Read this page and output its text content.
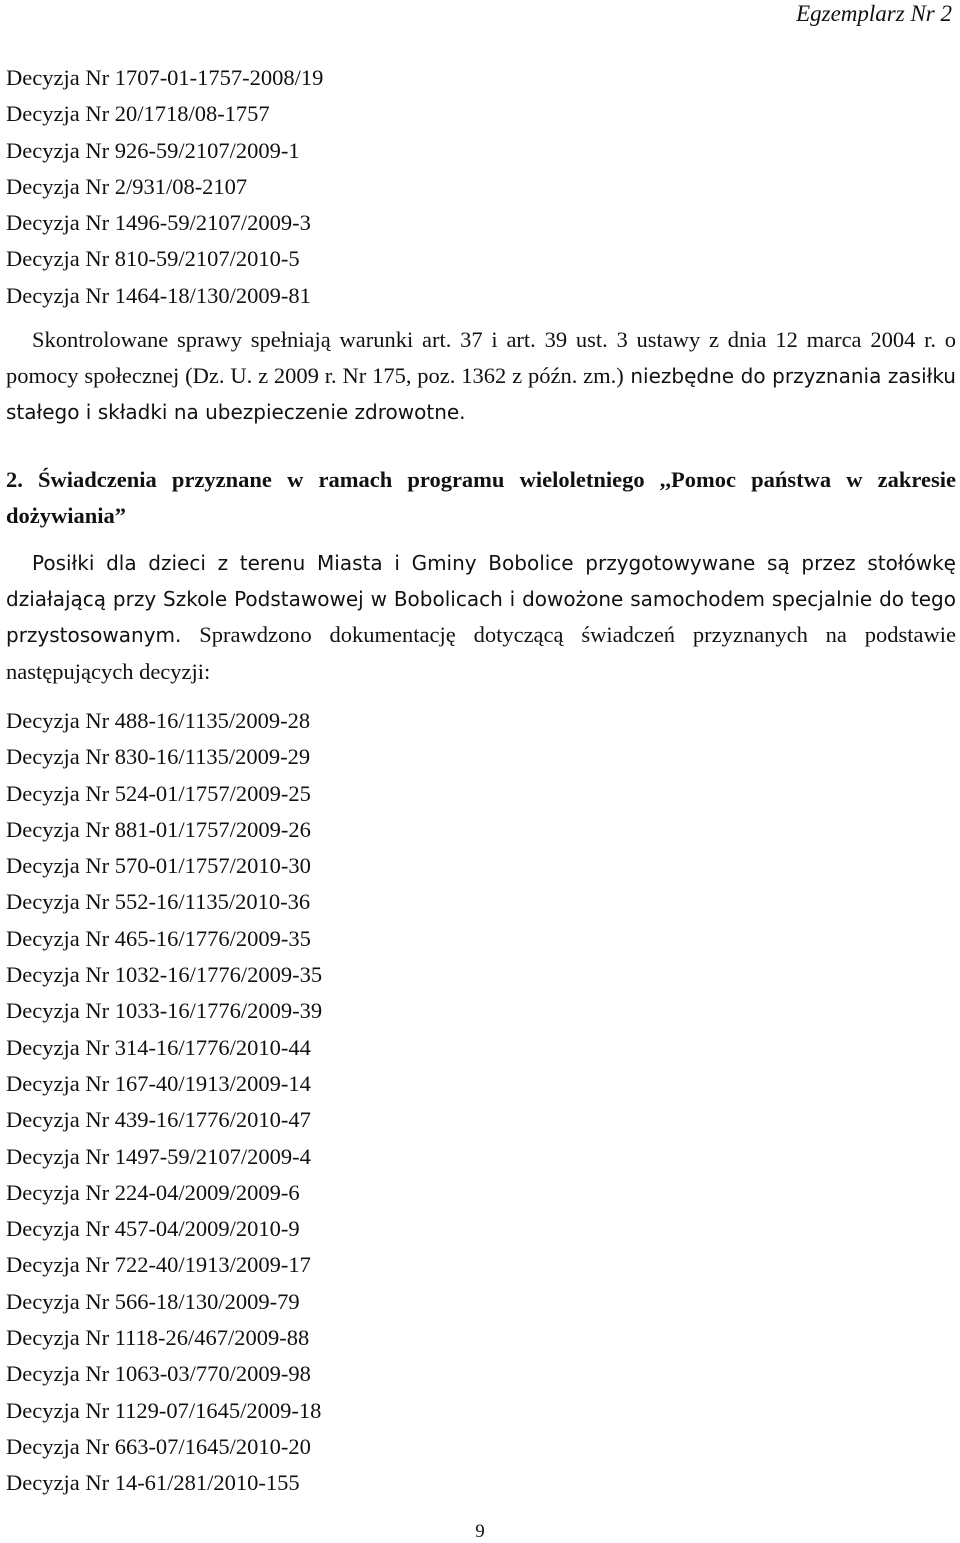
Egzemplarz Nr 2
Decyzja Nr 1707-01-1757-2008/19
Decyzja Nr 20/1718/08-1757
Decyzja Nr 926-59/2107/2009-1
Decyzja Nr 2/931/08-2107
Decyzja Nr 1496-59/2107/2009-3
Decyzja Nr 810-59/2107/2010-5
Decyzja Nr 1464-18/130/2009-81

Skontrolowane sprawy spełniają warunki art. 37 i art. 39 ust. 3 ustawy z dnia 12 marca 2004 r. o pomocy społecznej (Dz. U. z 2009 r. Nr 175, poz. 1362 z późn. zm.) niezbędne do przyznania zasiłku stałego i składki na ubezpieczenie zdrowotne.

2. Świadczenia przyznane w ramach programu wieloletniego ,,Pomoc państwa w zakresie dożywiania”

Posiłki dla dzieci z terenu Miasta i Gminy Bobolice przygotowywane są przez stołówkę działającą przy Szkole Podstawowej w Bobolicach i dowożone samochodem specjalnie do tego przystosowanym. Sprawdzono dokumentację dotyczącą świadczeń przyznanych na podstawie następujących decyzji:

Decyzja Nr 488-16/1135/2009-28
Decyzja Nr 830-16/1135/2009-29
Decyzja Nr 524-01/1757/2009-25
Decyzja Nr 881-01/1757/2009-26
Decyzja Nr 570-01/1757/2010-30
Decyzja Nr 552-16/1135/2010-36
Decyzja Nr 465-16/1776/2009-35
Decyzja Nr 1032-16/1776/2009-35
Decyzja Nr 1033-16/1776/2009-39
Decyzja Nr 314-16/1776/2010-44
Decyzja Nr 167-40/1913/2009-14
Decyzja Nr 439-16/1776/2010-47
Decyzja Nr 1497-59/2107/2009-4
Decyzja Nr 224-04/2009/2009-6
Decyzja Nr 457-04/2009/2010-9
Decyzja Nr 722-40/1913/2009-17
Decyzja Nr 566-18/130/2009-79
Decyzja Nr 1118-26/467/2009-88
Decyzja Nr 1063-03/770/2009-98
Decyzja Nr 1129-07/1645/2009-18
Decyzja Nr 663-07/1645/2010-20
Decyzja Nr 14-61/281/2010-155
9
